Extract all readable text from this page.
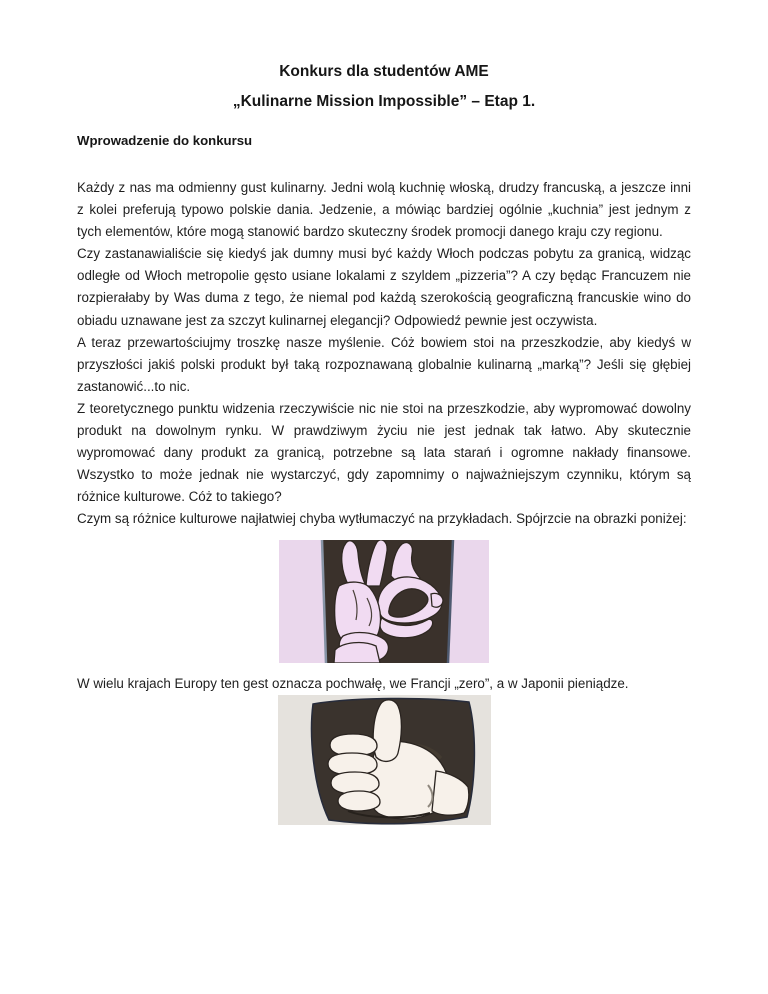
Konkurs dla studentów AME
„Kulinarne Mission Impossible” – Etap 1.
Wprowadzenie do konkursu

Każdy z nas ma odmienny gust kulinarny. Jedni wolą kuchnię włoską, drudzy francuską, a jeszcze inni z kolei preferują typowo polskie dania. Jedzenie, a mówiąc bardziej ogólnie „kuchnia” jest jednym z tych elementów, które mogą stanowić bardzo skuteczny środek promocji danego kraju czy regionu.

Czy zastanawialiście się kiedyś jak dumny musi być każdy Włoch podczas pobytu za granicą, widząc odległe od Włoch metropolie gęsto usiane lokalami z szyldem „pizzeria”? A czy będąc Francuzem nie rozpierałaby by Was duma z tego, że niemal pod każdą szerokością geograficzną francuskie wino do obiadu uznawane jest za szczyt kulinarnej elegancji? Odpowiedź pewnie jest oczywista.

A teraz przewartościujmy troszkę nasze myślenie. Cóż bowiem stoi na przeszkodzie, aby kiedyś w przyszłości jakiś polski produkt był taką rozpoznawaną globalnie kulinarną „marką”? Jeśli się głębiej zastanowić...to nic.

Z teoretycznego punktu widzenia rzeczywiście nic nie stoi na przeszkodzie, aby wypromować dowolny produkt na dowolnym rynku. W prawdziwym życiu nie jest jednak tak łatwo. Aby skutecznie wypromować dany produkt za granicą, potrzebne są lata starań i ogromne nakłady finansowe. Wszystko to może jednak nie wystarczyć, gdy zapomnimy o najważniejszym czynniku, którym są różnice kulturowe. Cóż to takiego?

Czym są różnice kulturowe najłatwiej chyba wytłumaczyć na przykładach. Spójrzcie na obrazki poniżej:

W wielu krajach Europy ten gest oznacza pochwałę, we Francji „zero”, a w Japonii pieniądze.
